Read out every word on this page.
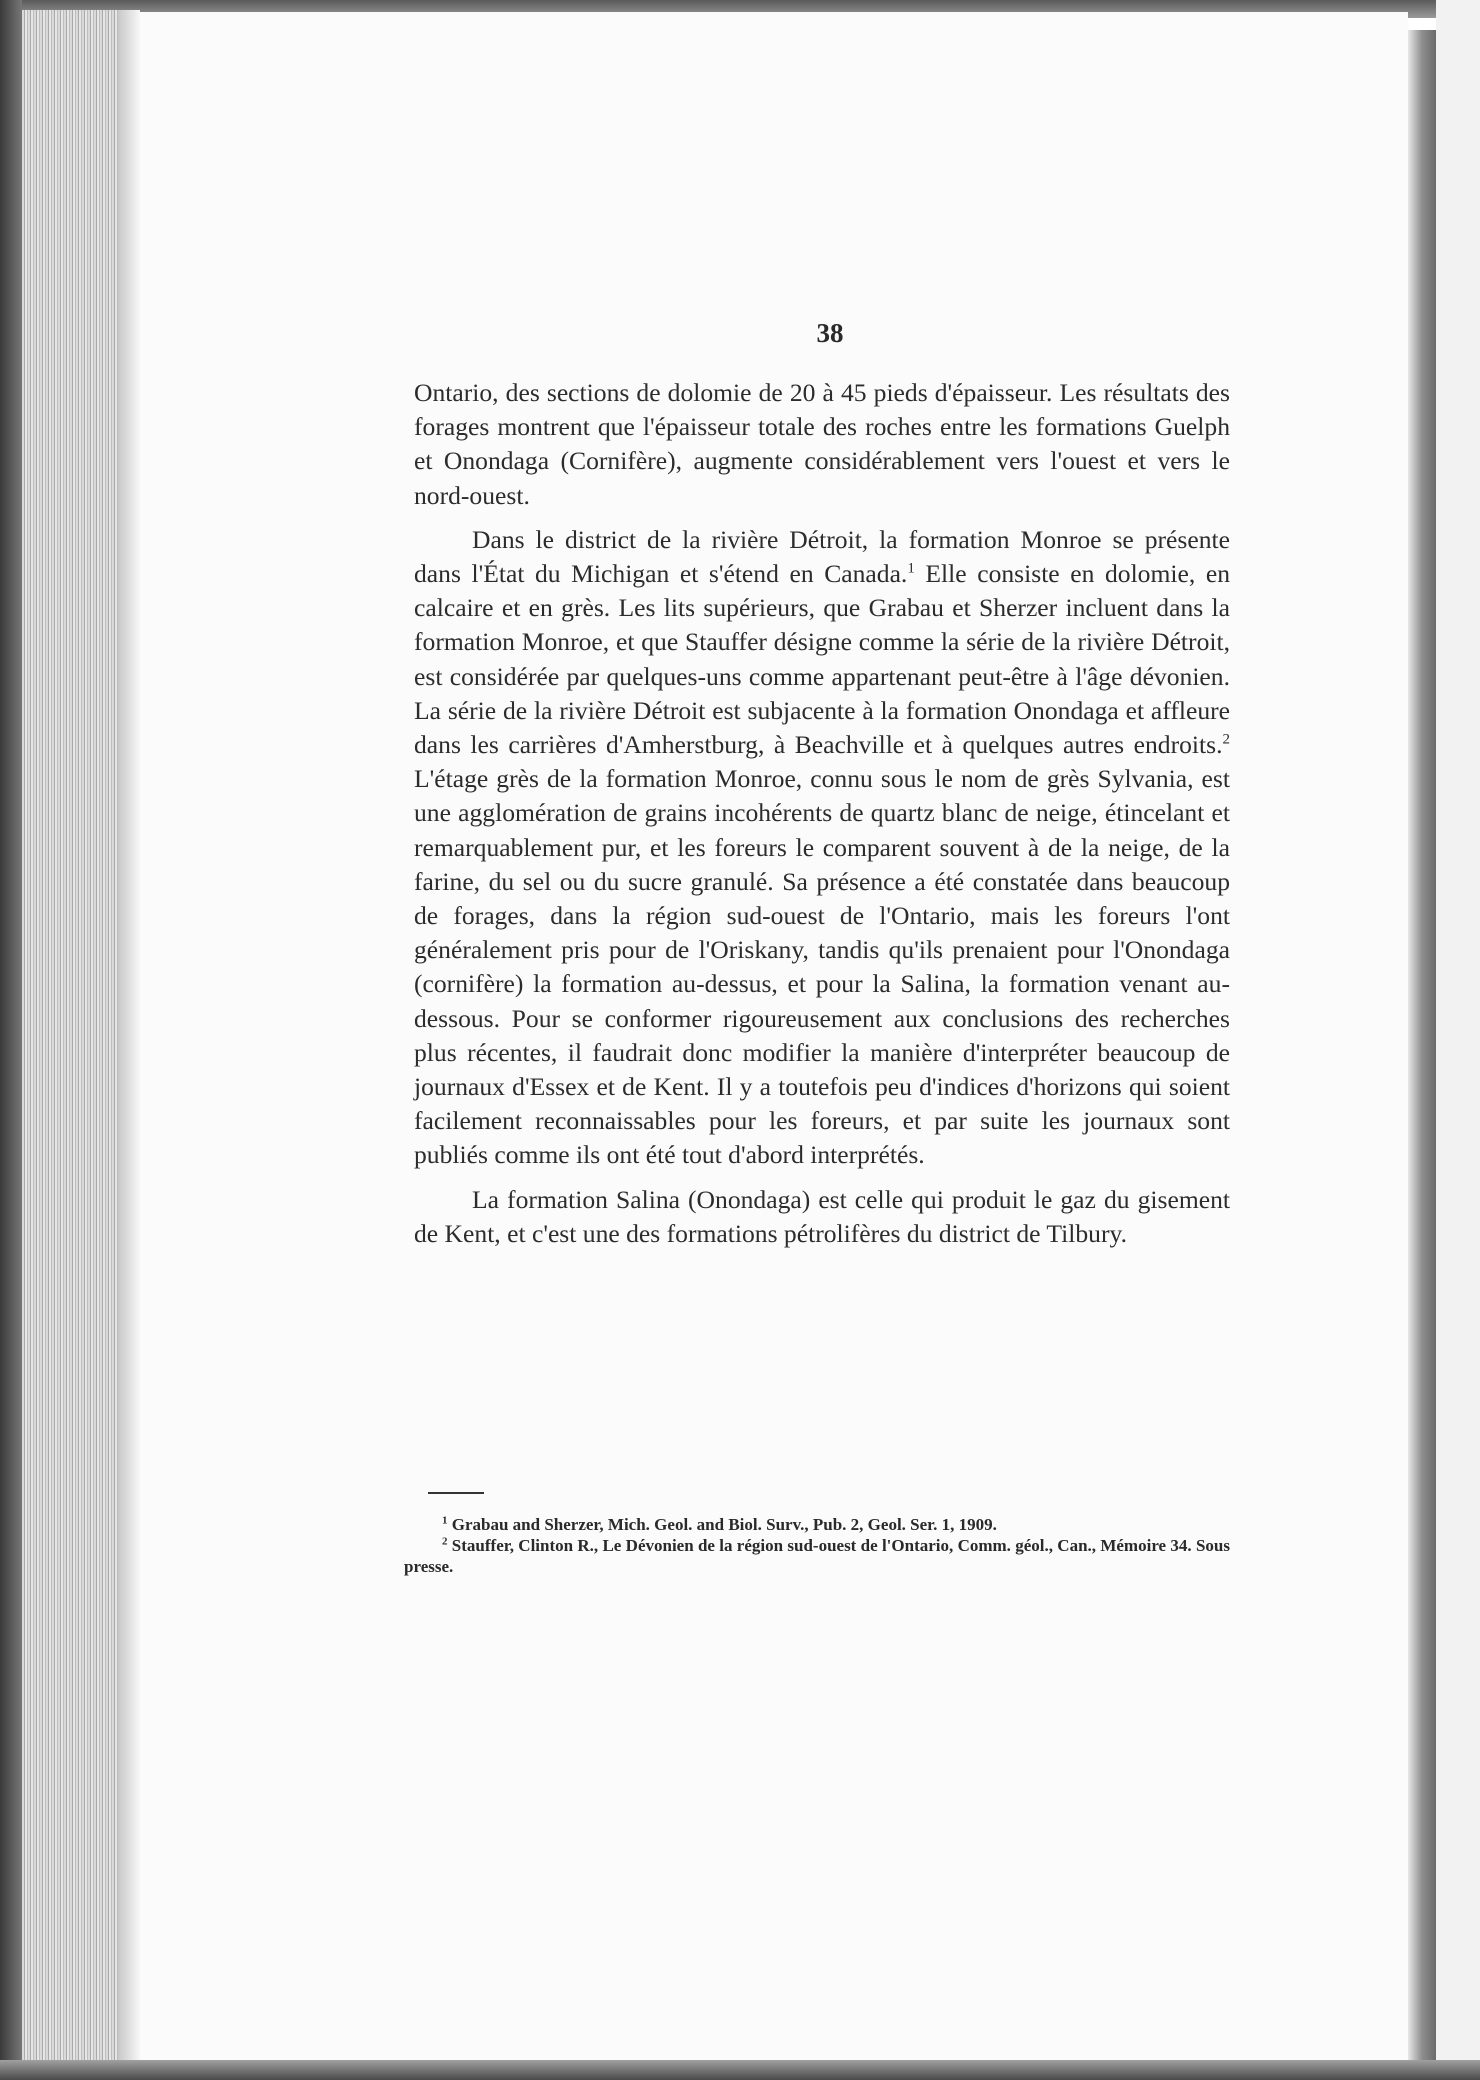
38

Ontario, des sections de dolomie de 20 à 45 pieds d'épaisseur. Les résultats des forages montrent que l'épaisseur totale des roches entre les formations Guelph et Onondaga (Cornifère), augmente considérablement vers l'ouest et vers le nord-ouest.

Dans le district de la rivière Détroit, la formation Monroe se présente dans l'État du Michigan et s'étend en Canada.$^1$ Elle consiste en dolomie, en calcaire et en grès. Les lits supérieurs, que Grabau et Sherzer incluent dans la formation Monroe, et que Stauffer désigne comme la série de la rivière Détroit, est considérée par quelques-uns comme appartenant peut-être à l'âge dévonien. La série de la rivière Détroit est subjacente à la formation Onondaga et affleure dans les carrières d'Amherstburg, à Beachville et à quelques autres endroits.$^2$ L'étage grès de la formation Monroe, connu sous le nom de grès Sylvania, est une agglomération de grains incohérents de quartz blanc de neige, étincelant et remarquablement pur, et les foreurs le comparent souvent à de la neige, de la farine, du sel ou du sucre granulé. Sa présence a été constatée dans beaucoup de forages, dans la région sud-ouest de l'Ontario, mais les foreurs l'ont généralement pris pour de l'Oriskany, tandis qu'ils prenaient pour l'Onondaga (cornifère) la formation au-dessus, et pour la Salina, la formation venant au-dessous. Pour se conformer rigoureusement aux conclusions des recherches plus récentes, il faudrait donc modifier la manière d'interpréter beaucoup de journaux d'Essex et de Kent. Il y a toutefois peu d'indices d'horizons qui soient facilement reconnaissables pour les foreurs, et par suite les journaux sont publiés comme ils ont été tout d'abord interprétés.

La formation Salina (Onondaga) est celle qui produit le gaz du gisement de Kent, et c'est une des formations pétrolifères du district de Tilbury.

$^1$ Grabau and Sherzer, Mich. Geol. and Biol. Surv., Pub. 2, Geol. Ser. 1, 1909.

$^2$ Stauffer, Clinton R., Le Dévonien de la région sud-ouest de l'Ontario, Comm. géol., Can., Mémoire 34. Sous presse.
